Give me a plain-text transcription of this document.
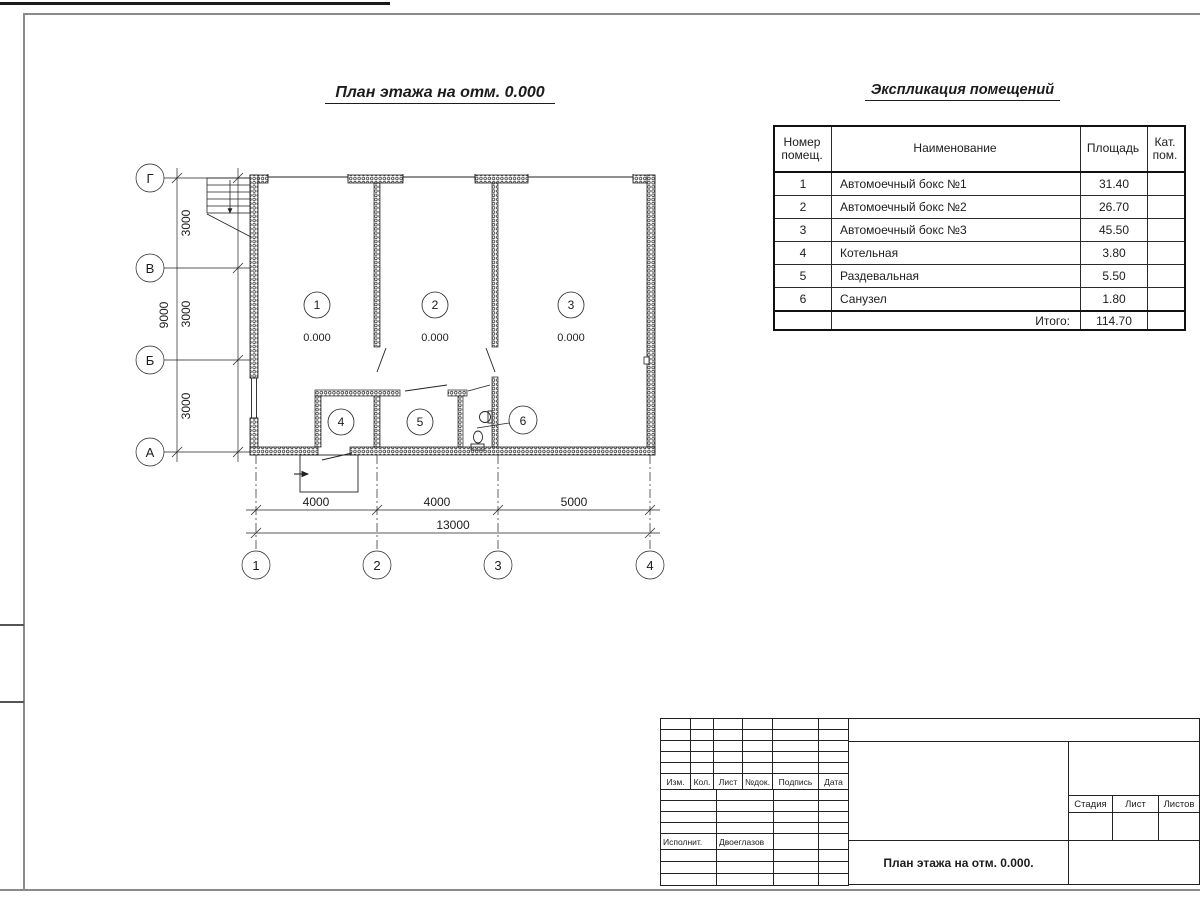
План этажа на отм. 0.000	Экспликация помещений
Номер помещ.	Наименование	Площадь	Кат. пом.
1	Автомоечный бокс №1	31.40	
2	Автомоечный бокс №2	26.70	
3	Автомоечный бокс №3	45.50	
4	Котельная	3.80	
5	Раздевальная	5.50	
6	Санузел	1.80	
	Итого:	114.70	
Г
В
Б
А
3000
3000
3000
9000
1	2	3	4
4000	4000	5000
13000
1	2	3
4	5	6
0.000	0.000	0.000

Изм.	Кол.	Лист	№док.	Подпись	Дата

Исполнит.	Двоеглазов		

План этажа на отм. 0.000.
Стадия	Лист	Листов
